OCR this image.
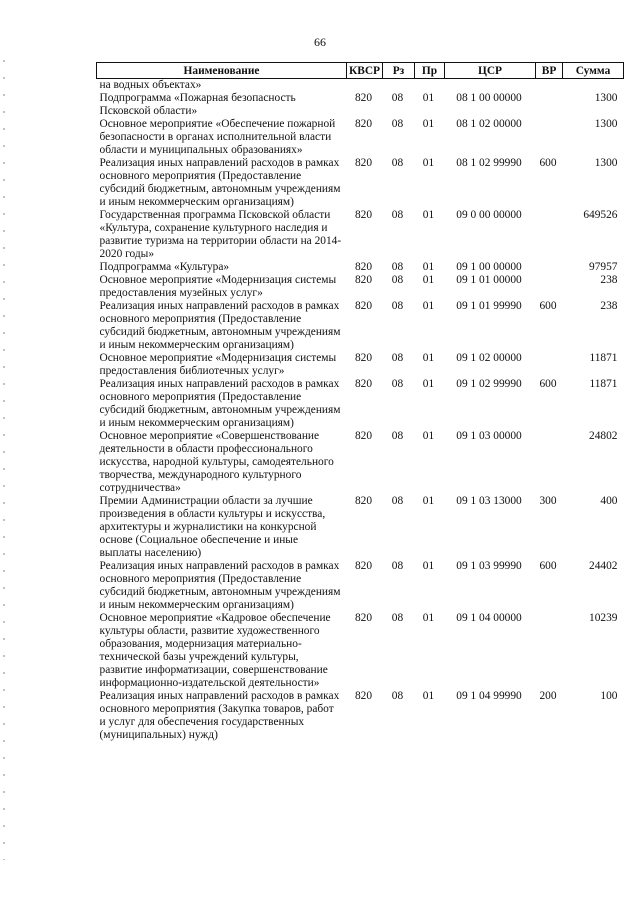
66
Наименование	КВСР	Рз	Пр	ЦСР	ВР	Сумма
на водных объектах»						
Подпрограмма «Пожарная безопасность Псковской области»	820	08	01	08 1 00 00000		1300
Основное мероприятие «Обеспечение пожарной безопасности в органах исполнительной власти области и муниципальных образованиях»	820	08	01	08 1 02 00000		1300
Реализация иных направлений расходов в рамках основного мероприятия (Предоставление субсидий бюджетным, автономным учреждениям и иным некоммерческим организациям)	820	08	01	08 1 02 99990	600	1300
Государственная программа Псковской области «Культура, сохранение культурного наследия и развитие туризма на территории области на 2014-2020 годы»	820	08	01	09 0 00 00000		649526
Подпрограмма «Культура»	820	08	01	09 1 00 00000		97957
Основное мероприятие «Модернизация системы предоставления музейных услуг»	820	08	01	09 1 01 00000		238
Реализация иных направлений расходов в рамках основного мероприятия (Предоставление субсидий бюджетным, автономным учреждениям и иным некоммерческим организациям)	820	08	01	09 1 01 99990	600	238
Основное мероприятие «Модернизация системы предоставления библиотечных услуг»	820	08	01	09 1 02 00000		11871
Реализация иных направлений расходов в рамках основного мероприятия (Предоставление субсидий бюджетным, автономным учреждениям и иным некоммерческим организациям)	820	08	01	09 1 02 99990	600	11871
Основное мероприятие «Совершенствование деятельности в области профессионального искусства, народной культуры, самодеятельного творчества, международного культурного сотрудничества»	820	08	01	09 1 03 00000		24802
Премии Администрации области за лучшие произведения в области культуры и искусства, архитектуры и журналистики на конкурсной основе (Социальное обеспечение и иные выплаты населению)	820	08	01	09 1 03 13000	300	400
Реализация иных направлений расходов в рамках основного мероприятия (Предоставление субсидий бюджетным, автономным учреждениям и иным некоммерческим организациям)	820	08	01	09 1 03 99990	600	24402
Основное мероприятие «Кадровое обеспечение культуры области, развитие художественного образования, модернизация материально-технической базы учреждений культуры, развитие информатизации, совершенствование информационно-издательской деятельности»	820	08	01	09 1 04 00000		10239
Реализация иных направлений расходов в рамках основного мероприятия (Закупка товаров, работ и услуг для обеспечения государственных (муниципальных) нужд)	820	08	01	09 1 04 99990	200	100
